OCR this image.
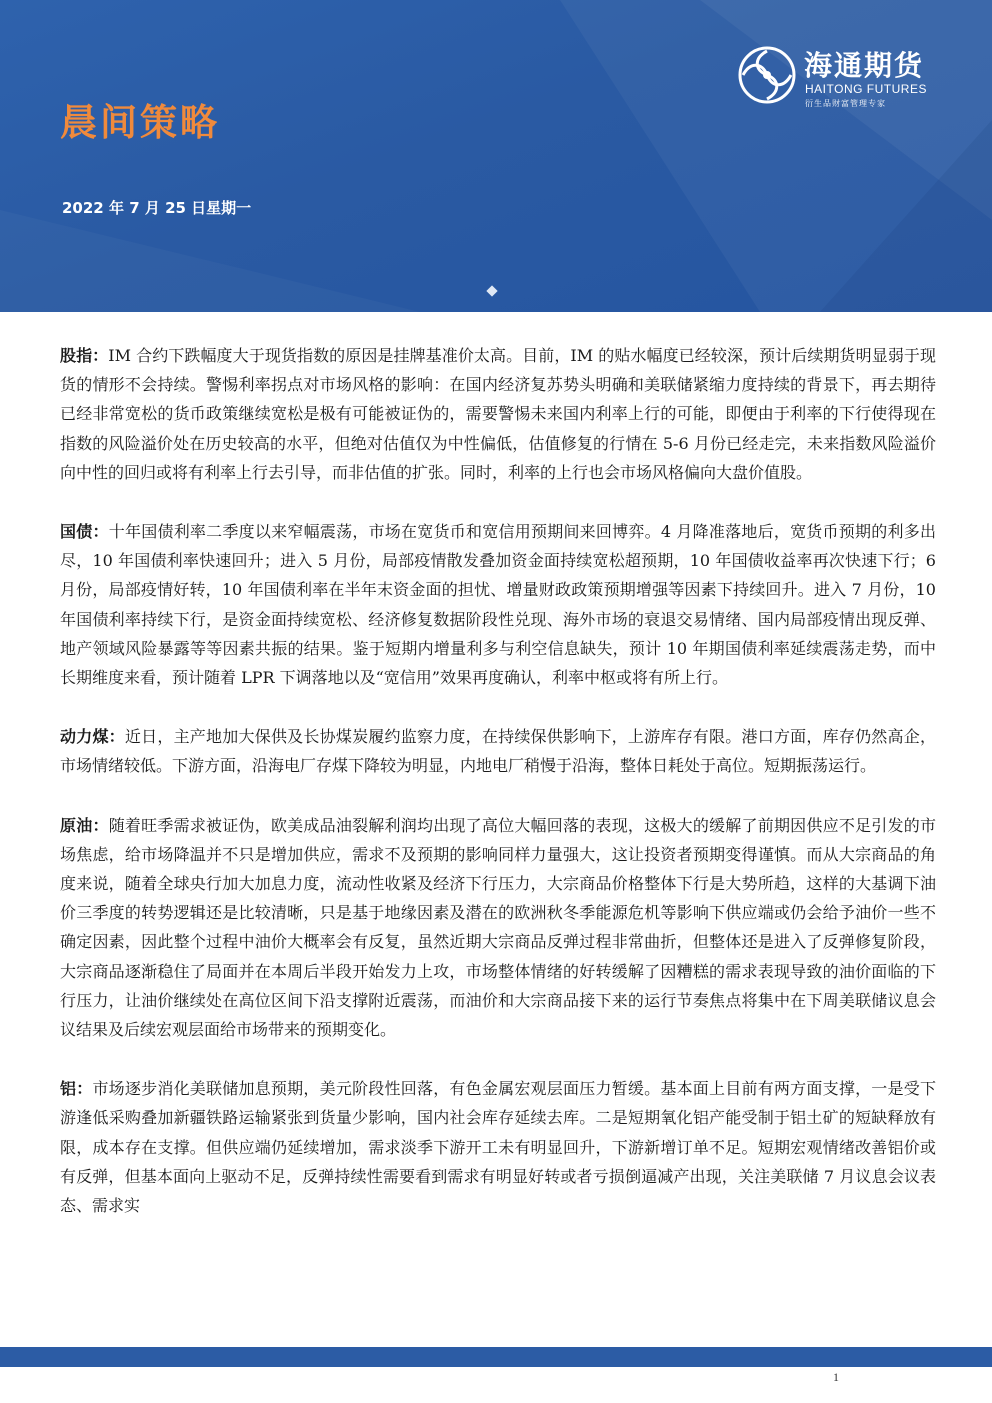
晨间策略
2022 年 7 月 25 日星期一
海通期货
HAITONG FUTURES
衍生品财富管理专家

股指：IM 合约下跌幅度大于现货指数的原因是挂牌基准价太高。目前，IM 的贴水幅度已经较深，预计后续期货明显弱于现货的情形不会持续。警惕利率拐点对市场风格的影响：在国内经济复苏势头明确和美联储紧缩力度持续的背景下，再去期待已经非常宽松的货币政策继续宽松是极有可能被证伪的，需要警惕未来国内利率上行的可能，即便由于利率的下行使得现在指数的风险溢价处在历史较高的水平，但绝对估值仅为中性偏低，估值修复的行情在 5-6 月份已经走完，未来指数风险溢价向中性的回归或将有利率上行去引导，而非估值的扩张。同时，利率的上行也会市场风格偏向大盘价值股。

国债：十年国债利率二季度以来窄幅震荡，市场在宽货币和宽信用预期间来回博弈。4 月降准落地后，宽货币预期的利多出尽，10 年国债利率快速回升；进入 5 月份，局部疫情散发叠加资金面持续宽松超预期，10 年国债收益率再次快速下行；6 月份，局部疫情好转，10 年国债利率在半年末资金面的担忧、增量财政政策预期增强等因素下持续回升。进入 7 月份，10 年国债利率持续下行，是资金面持续宽松、经济修复数据阶段性兑现、海外市场的衰退交易情绪、国内局部疫情出现反弹、地产领域风险暴露等等因素共振的结果。鉴于短期内增量利多与利空信息缺失，预计 10 年期国债利率延续震荡走势，而中长期维度来看，预计随着 LPR 下调落地以及“宽信用”效果再度确认，利率中枢或将有所上行。

动力煤：近日，主产地加大保供及长协煤炭履约监察力度，在持续保供影响下，上游库存有限。港口方面，库存仍然高企，市场情绪较低。下游方面，沿海电厂存煤下降较为明显，内地电厂稍慢于沿海，整体日耗处于高位。短期振荡运行。

原油：随着旺季需求被证伪，欧美成品油裂解利润均出现了高位大幅回落的表现，这极大的缓解了前期因供应不足引发的市场焦虑，给市场降温并不只是增加供应，需求不及预期的影响同样力量强大，这让投资者预期变得谨慎。而从大宗商品的角度来说，随着全球央行加大加息力度，流动性收紧及经济下行压力，大宗商品价格整体下行是大势所趋，这样的大基调下油价三季度的转势逻辑还是比较清晰，只是基于地缘因素及潜在的欧洲秋冬季能源危机等影响下供应端或仍会给予油价一些不确定因素，因此整个过程中油价大概率会有反复，虽然近期大宗商品反弹过程非常曲折，但整体还是进入了反弹修复阶段，大宗商品逐渐稳住了局面并在本周后半段开始发力上攻，市场整体情绪的好转缓解了因糟糕的需求表现导致的油价面临的下行压力，让油价继续处在高位区间下沿支撑附近震荡，而油价和大宗商品接下来的运行节奏焦点将集中在下周美联储议息会议结果及后续宏观层面给市场带来的预期变化。

铝：市场逐步消化美联储加息预期，美元阶段性回落，有色金属宏观层面压力暂缓。基本面上目前有两方面支撑，一是受下游逢低采购叠加新疆铁路运输紧张到货量少影响，国内社会库存延续去库。二是短期氧化铝产能受制于铝土矿的短缺释放有限，成本存在支撑。但供应端仍延续增加，需求淡季下游开工未有明显回升，下游新增订单不足。短期宏观情绪改善铝价或有反弹，但基本面向上驱动不足，反弹持续性需要看到需求有明显好转或者亏损倒逼减产出现，关注美联储 7 月议息会议表态、需求实

1
